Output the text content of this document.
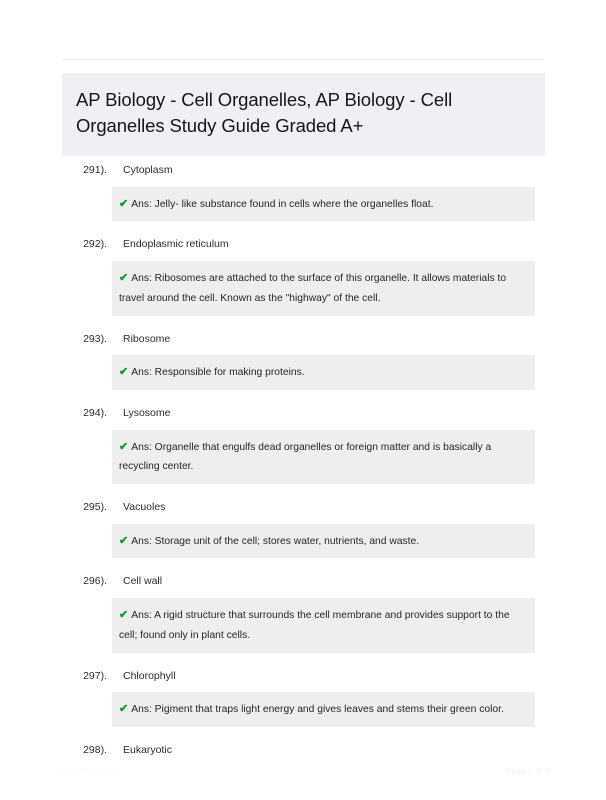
AP Biology - Cell Organelles, AP Biology - Cell Organelles Study Guide Graded A+
291). Cytoplasm
✔ Ans: Jelly- like substance found in cells where the organelles float.
292). Endoplasmic reticulum
✔ Ans: Ribosomes are attached to the surface of this organelle. It allows materials to travel around the cell. Known as the "highway" of the cell.
293). Ribosome
✔ Ans: Responsible for making proteins.
294). Lysosome
✔ Ans: Organelle that engulfs dead organelles or foreign matter and is basically a recycling center.
295). Vacuoles
✔ Ans: Storage unit of the cell; stores water, nutrients, and waste.
296). Cell wall
✔ Ans: A rigid structure that surrounds the cell membrane and provides support to the cell; found only in plant cells.
297). Chlorophyll
✔ Ans: Pigment that traps light energy and gives leaves and stems their green color.
298). Eukaryotic
PaperStic.com	Page 1 of 8
